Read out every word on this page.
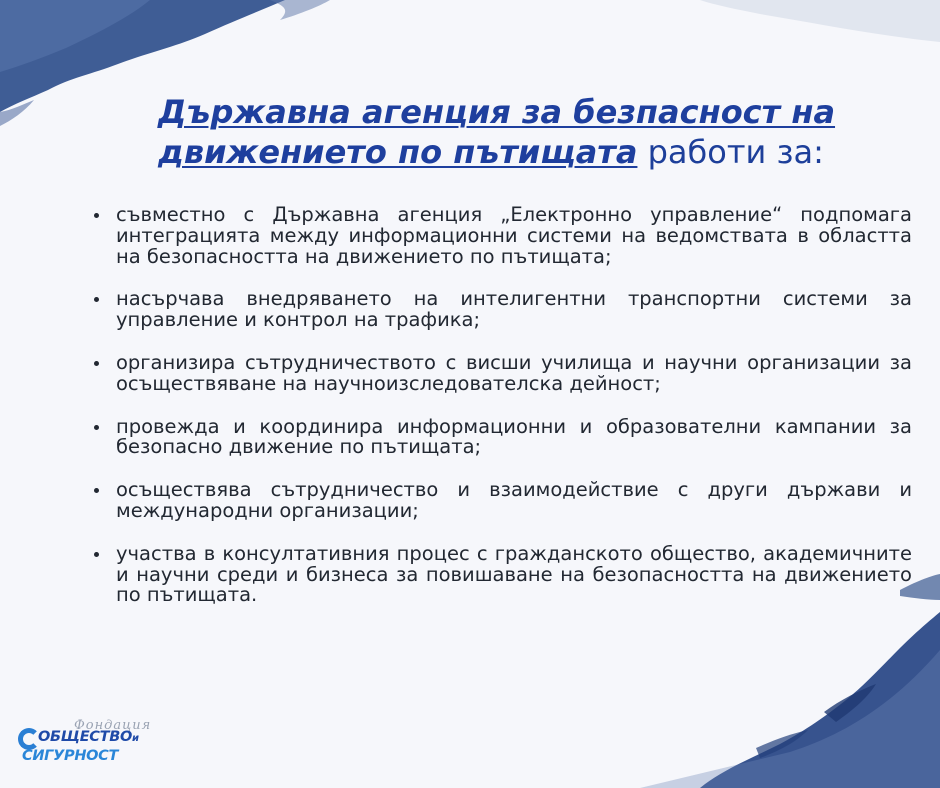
Държавна агенция за безпасност на
движението по пътищата работи за:
съвместно с Държавна агенция „Електронно управление“ подпомага интеграцията между информационни системи на ведомствата в областта на безопасността на движението по пътищата;
насърчава внедряването на интелигентни транспортни системи за управление и контрол на трафика;
организира сътрудничеството с висши училища и научни организации за осъществяване на научноизследователска дейност;
провежда и координира информационни и образователни кампании за безопасно движение по пътищата;
осъществява сътрудничество и взаимодействие с други държави и международни организации;
участва в консултативния процес с гражданското общество, академичните и научни среди и бизнеса за повишаване на безопасността на движението по пътищата.
Фондация
ОБЩЕСТВОи
СИГУРНОСТ
